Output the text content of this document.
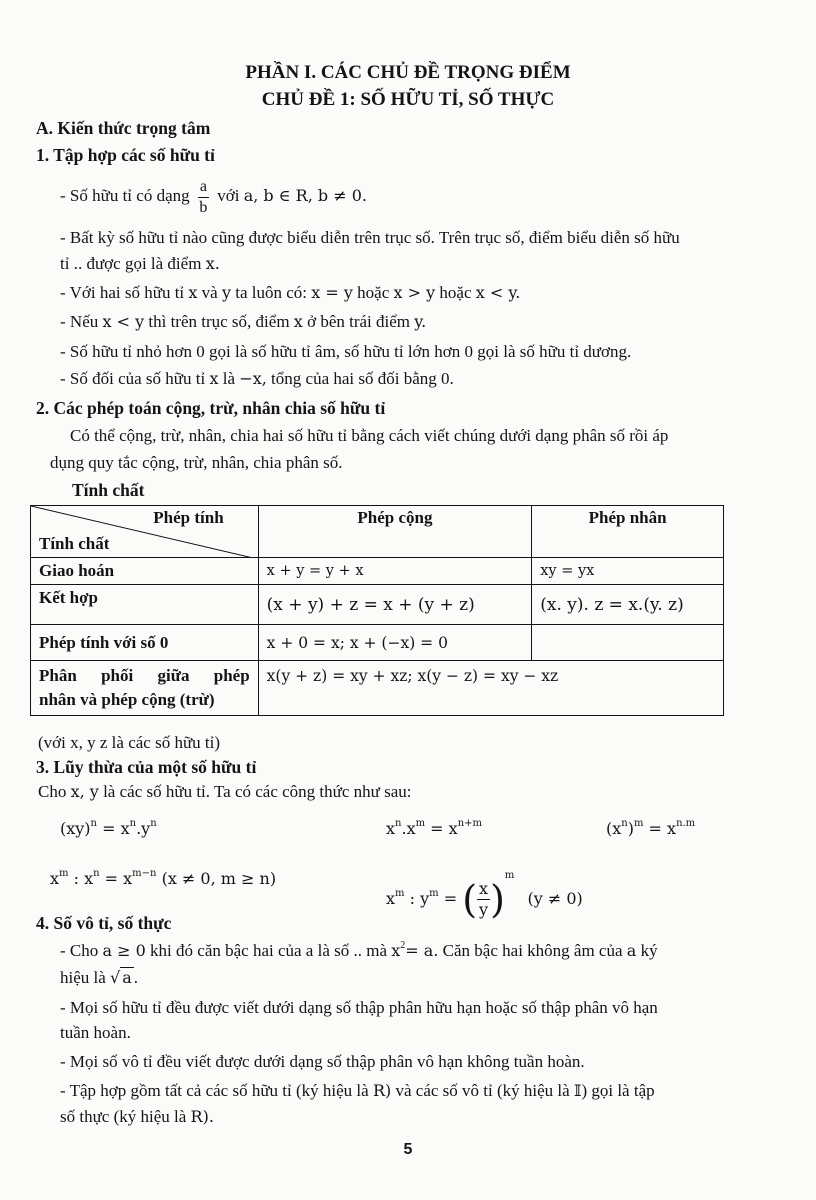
PHẦN I. CÁC CHỦ ĐỀ TRỌNG ĐIỂM
CHỦ ĐỀ 1: SỐ HỮU TỈ, SỐ THỰC
A. Kiến thức trọng tâm
1. Tập hợp các số hữu tỉ
- Số hữu tỉ có dạng $\frac{a}{b}$ với a, b ∈ R, b ≠ 0.
- Bất kỳ số hữu tỉ nào cũng được biểu diễn trên trục số. Trên trục số, điểm biểu diễn số hữu
tỉ .. được gọi là điểm x.
- Với hai số hữu tỉ x và y ta luôn có: x = y hoặc x > y hoặc x < y.
- Nếu x < y thì trên trục số, điểm x ở bên trái điểm y.
- Số hữu tỉ nhỏ hơn 0 gọi là số hữu tỉ âm, số hữu tỉ lớn hơn 0 gọi là số hữu tỉ dương.
- Số đối của số hữu tỉ x là −x, tổng của hai số đối bằng 0.
2. Các phép toán cộng, trừ, nhân chia số hữu tỉ
Có thể cộng, trừ, nhân, chia hai số hữu tỉ bằng cách viết chúng dưới dạng phân số rồi áp
dụng quy tắc cộng, trừ, nhân, chia phân số.
Tính chất
Phép tính
Tính chất	Phép cộng	Phép nhân
Giao hoán	x + y = y + x	xy = yx
Kết hợp	(x + y) + z = x + (y + z)	(x. y). z = x.(y. z)
Phép tính với số 0	x + 0 = x; x + (−x) = 0	

Phân phối giữa phép
nhân và phép cộng (trừ)	x(y + z) = xy + xz; x(y − z) = xy − xz	
(với x, y z là các số hữu tỉ)
3. Lũy thừa của một số hữu tỉ
Cho x, y là các số hữu tỉ. Ta có các công thức như sau:
$(xy)^n = x^n.y^n$	$x^n.x^m = x^{n+m}$	$(x^n)^m = x^{n.m}$
$x^m$ : $x^n = x^{m-n}$ (x ≠ 0, m ≥ n)
$x^m$ : $y^m$ = ( $\frac{x}{y} )^m$ (y ≠ 0)
4. Số vô tỉ, số thực
- Cho a ≥ 0 khi đó căn bậc hai của a là số .. mà $x^2= a$. Căn bậc hai không âm của a ký
hiệu là √ a .
- Mọi số hữu tỉ đều được viết dưới dạng số thập phân hữu hạn hoặc số thập phân vô hạn
tuần hoàn.
- Mọi số vô tỉ đều viết được dưới dạng số thập phân vô hạn không tuần hoàn.
- Tập hợp gồm tất cả các số hữu tỉ (ký hiệu là R) và các số vô tỉ (ký hiệu là 𝕀) gọi là tập
số thực (ký hiệu là R).
5
